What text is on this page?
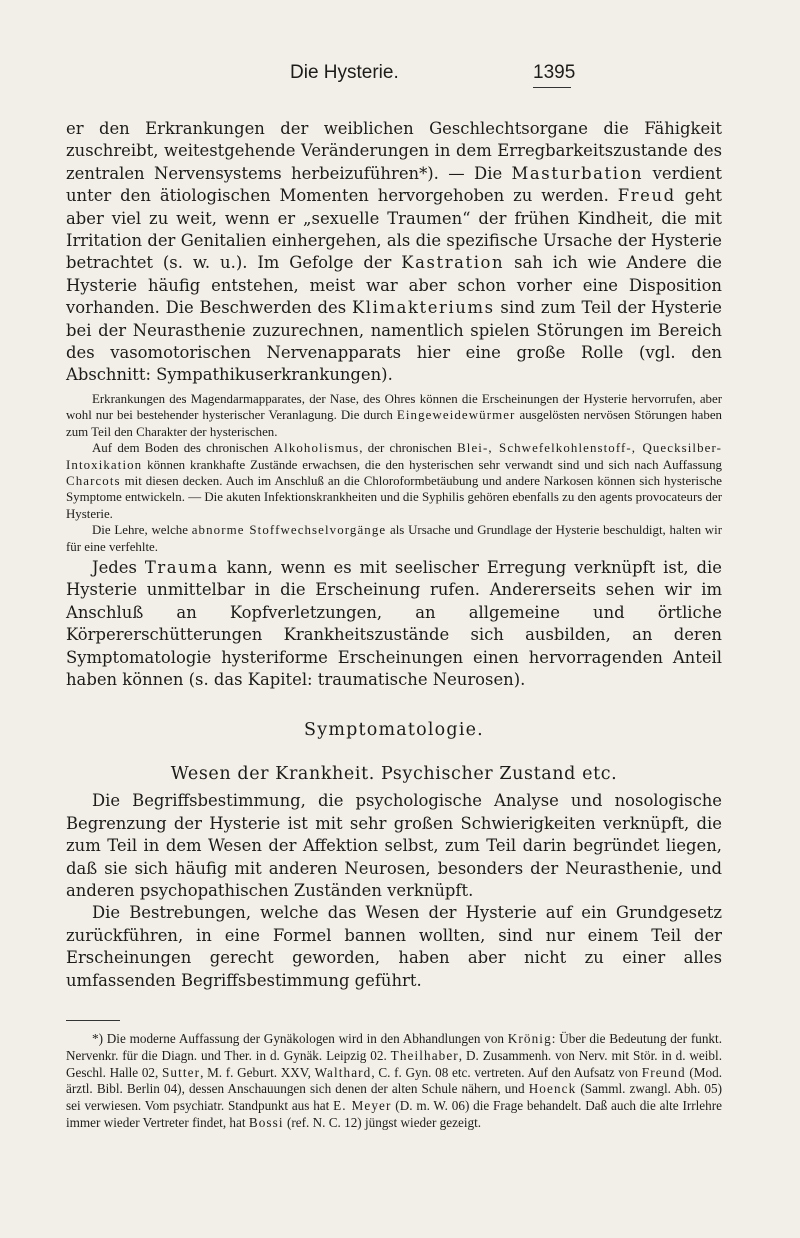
Die Hysterie.	1395

er den Erkrankungen der weiblichen Geschlechtsorgane die Fähigkeit zuschreibt, weitestgehende Veränderungen in dem Erregbarkeitszustande des zentralen Nervensystems herbeizuführen*). — Die Masturbation verdient unter den ätiologischen Momenten hervorgehoben zu werden. Freud geht aber viel zu weit, wenn er „sexuelle Traumen“ der frühen Kindheit, die mit Irritation der Genitalien einhergehen, als die spezifische Ursache der Hysterie betrachtet (s. w. u.). Im Gefolge der Kastration sah ich wie Andere die Hysterie häufig entstehen, meist war aber schon vorher eine Disposition vorhanden. Die Beschwerden des Klimakteriums sind zum Teil der Hysterie bei der Neurasthenie zuzurechnen, namentlich spielen Störungen im Bereich des vasomotorischen Nervenapparats hier eine große Rolle (vgl. den Abschnitt: Sympathikuserkrankungen).

Erkrankungen des Magendarmapparates, der Nase, des Ohres können die Erscheinungen der Hysterie hervorrufen, aber wohl nur bei bestehender hysterischer Veranlagung. Die durch Eingeweidewürmer ausgelösten nervösen Störungen haben zum Teil den Charakter der hysterischen.

Auf dem Boden des chronischen Alkoholismus, der chronischen Blei-, Schwefelkohlenstoff-, Quecksilber-Intoxikation können krankhafte Zustände erwachsen, die den hysterischen sehr verwandt sind und sich nach Auffassung Charcots mit diesen decken. Auch im Anschluß an die Chloroformbetäubung und andere Narkosen können sich hysterische Symptome entwickeln. — Die akuten Infektionskrankheiten und die Syphilis gehören ebenfalls zu den agents provocateurs der Hysterie.

Die Lehre, welche abnorme Stoffwechselvorgänge als Ursache und Grundlage der Hysterie beschuldigt, halten wir für eine verfehlte.

Jedes Trauma kann, wenn es mit seelischer Erregung verknüpft ist, die Hysterie unmittelbar in die Erscheinung rufen. Andererseits sehen wir im Anschluß an Kopfverletzungen, an allgemeine und örtliche Körpererschütterungen Krankheitszustände sich ausbilden, an deren Symptomatologie hysteriforme Erscheinungen einen hervorragenden Anteil haben können (s. das Kapitel: traumatische Neurosen).

Symptomatologie.
Wesen der Krankheit. Psychischer Zustand etc.

Die Begriffsbestimmung, die psychologische Analyse und nosologische Begrenzung der Hysterie ist mit sehr großen Schwierigkeiten verknüpft, die zum Teil in dem Wesen der Affektion selbst, zum Teil darin begründet liegen, daß sie sich häufig mit anderen Neurosen, besonders der Neurasthenie, und anderen psychopathischen Zuständen verknüpft.

Die Bestrebungen, welche das Wesen der Hysterie auf ein Grundgesetz zurückführen, in eine Formel bannen wollten, sind nur einem Teil der Erscheinungen gerecht geworden, haben aber nicht zu einer alles umfassenden Begriffsbestimmung geführt.

*) Die moderne Auffassung der Gynäkologen wird in den Abhandlungen von Krönig: Über die Bedeutung der funkt. Nervenkr. für die Diagn. und Ther. in d. Gynäk. Leipzig 02. Theilhaber, D. Zusammenh. von Nerv. mit Stör. in d. weibl. Geschl. Halle 02, Sutter, M. f. Geburt. XXV, Walthard, C. f. Gyn. 08 etc. vertreten. Auf den Aufsatz von Freund (Mod. ärztl. Bibl. Berlin 04), dessen Anschauungen sich denen der alten Schule nähern, und Hoenck (Samml. zwangl. Abh. 05) sei verwiesen. Vom psychiatr. Standpunkt aus hat E. Meyer (D. m. W. 06) die Frage behandelt. Daß auch die alte Irrlehre immer wieder Vertreter findet, hat Bossi (ref. N. C. 12) jüngst wieder gezeigt.
